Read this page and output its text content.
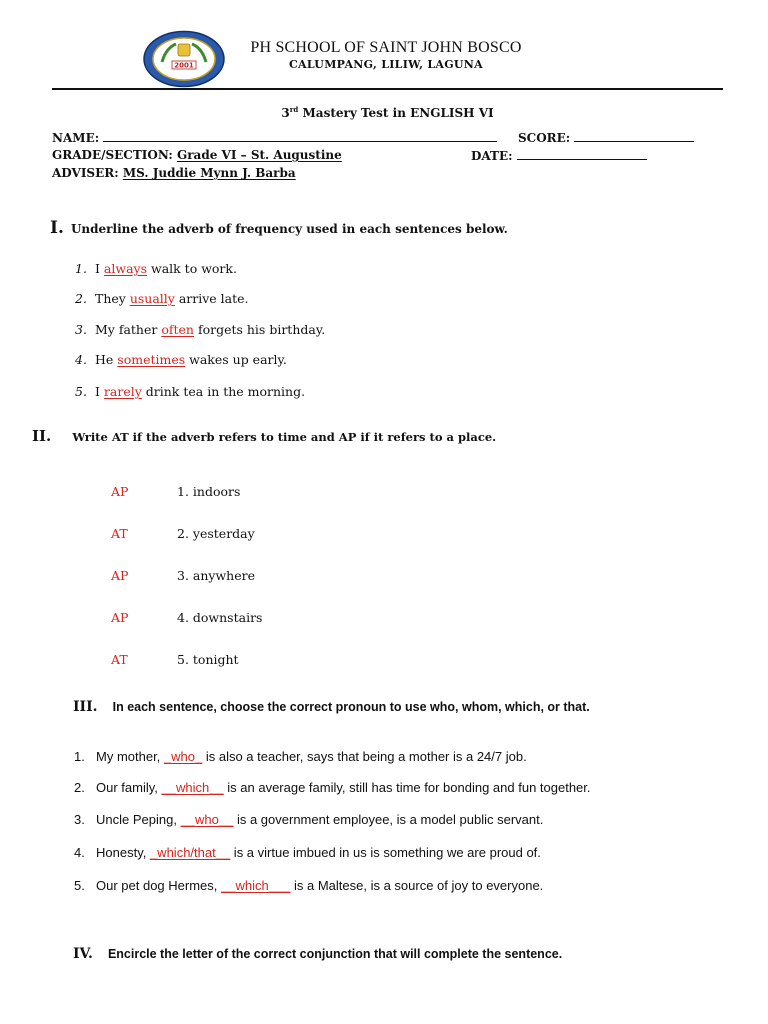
2001
PH SCHOOL OF SAINT JOHN BOSCO
CALUMPANG, LILIW, LAGUNA
3rd Mastery Test in ENGLISH VI
NAME:	SCORE:
GRADE/SECTION: Grade VI – St. Augustine	DATE:
ADVISER: MS. Juddie Mynn J. Barba
I. Underline the adverb of frequency used in each sentences below.
1. I always walk to work.
2. They usually arrive late.
3. My father often forgets his birthday.
4. He sometimes wakes up early.
5. I rarely drink tea in the morning.
II. Write AT if the adverb refers to time and AP if it refers to a place.
AP	1. indoors
AT	2. yesterday
AP	3. anywhere
AP	4. downstairs
AT	5. tonight
III. In each sentence, choose the correct pronoun to use who, whom, which, or that.
1. My mother, _who_ is also a teacher, says that being a mother is a 24/7 job.
2. Our family, __which__ is an average family, still has time for bonding and fun together.
3. Uncle Peping, __who__ is a government employee, is a model public servant.
4. Honesty, _which/that__ is a virtue imbued in us is something we are proud of.
5. Our pet dog Hermes, __which___ is a Maltese, is a source of joy to everyone.
IV. Encircle the letter of the correct conjunction that will complete the sentence.
